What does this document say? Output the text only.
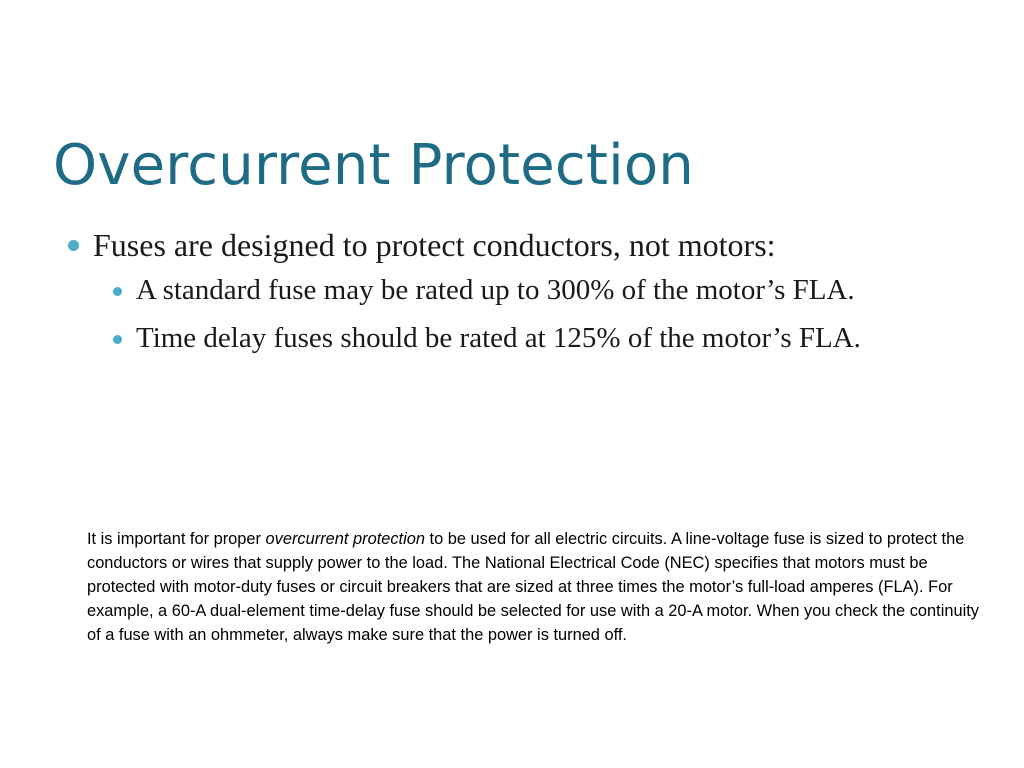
Overcurrent Protection
Fuses are designed to protect conductors, not motors:
A standard fuse may be rated up to 300% of the motor’s FLA.
Time delay fuses should be rated at 125% of the motor’s FLA.

It is important for proper overcurrent protection to be used for all electric circuits. A line-voltage fuse is sized to protect the conductors or wires that supply power to the load. The National Electrical Code (NEC) specifies that motors must be protected with motor-duty fuses or circuit breakers that are sized at three times the motor’s full-load amperes (FLA). For example, a 60-A dual-element time-delay fuse should be selected for use with a 20-A motor. When you check the continuity of a fuse with an ohmmeter, always make sure that the power is turned off.
